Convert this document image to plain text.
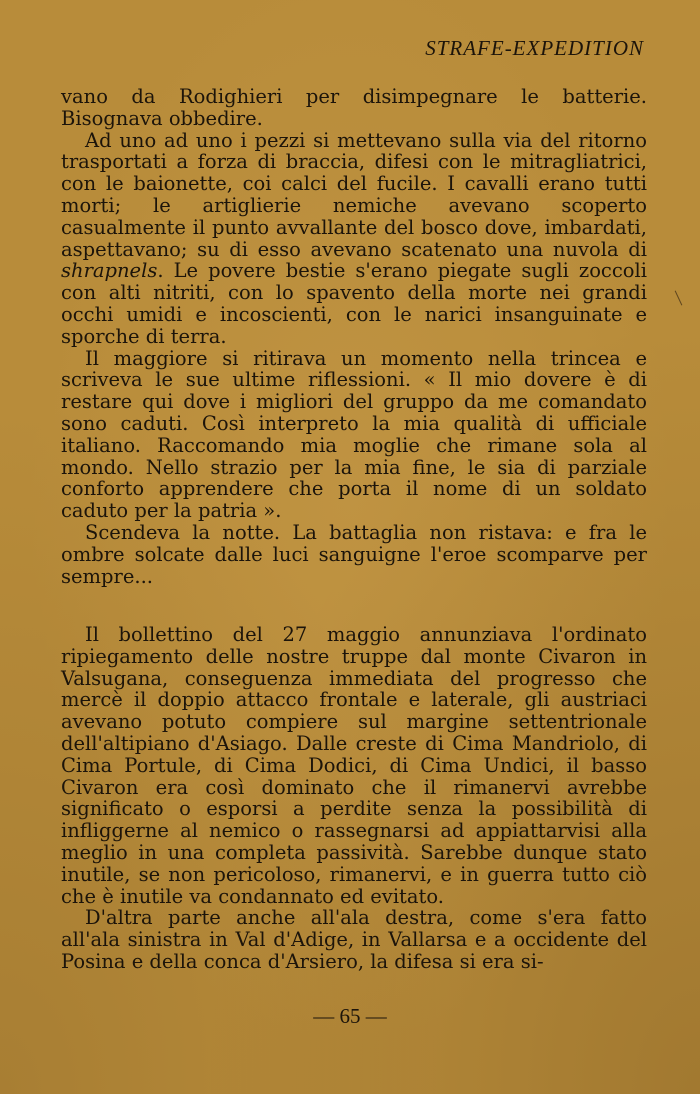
STRAFE-EXPEDITION

vano da Rodighieri per disimpegnare le batterie. Bisognava obbedire.

Ad uno ad uno i pezzi si mettevano sulla via del ritorno trasportati a forza di braccia, difesi con le mitragliatrici, con le baionette, coi calci del fucile. I cavalli erano tutti morti; le artiglierie nemiche avevano scoperto casualmente il punto avvallante del bosco dove, imbardati, aspettavano; su di esso avevano scatenato una nuvola di shrapnels. Le povere bestie s'erano piegate sugli zoccoli con alti nitriti, con lo spavento della morte nei grandi occhi umidi e incoscienti, con le narici insanguinate e sporche di terra.

Il maggiore si ritirava un momento nella trincea e scriveva le sue ultime riflessioni. « Il mio dovere è di restare qui dove i migliori del gruppo da me comandato sono caduti. Così interpreto la mia qualità di ufficiale italiano. Raccomando mia moglie che rimane sola al mondo. Nello strazio per la mia fine, le sia di parziale conforto apprendere che porta il nome di un soldato caduto per la patria ».

Scendeva la notte. La battaglia non ristava: e fra le ombre solcate dalle luci sanguigne l'eroe scomparve per sempre...

Il bollettino del 27 maggio annunziava l'ordinato ripiegamento delle nostre truppe dal monte Civaron in Valsugana, conseguenza immediata del progresso che mercè il doppio attacco frontale e laterale, gli austriaci avevano potuto compiere sul margine settentrionale dell'altipiano d'Asiago. Dalle creste di Cima Mandriolo, di Cima Portule, di Cima Dodici, di Cima Undici, il basso Civaron era così dominato che il rimanervi avrebbe significato o esporsi a perdite senza la possibilità di infliggerne al nemico o rassegnarsi ad appiattarvisi alla meglio in una completa passività. Sarebbe dunque stato inutile, se non pericoloso, rimanervi, e in guerra tutto ciò che è inutile va condannato ed evitato.

D'altra parte anche all'ala destra, come s'era fatto all'ala sinistra in Val d'Adige, in Vallarsa e a occidente del Posina e della conca d'Arsiero, la difesa si era si-

— 65 —
